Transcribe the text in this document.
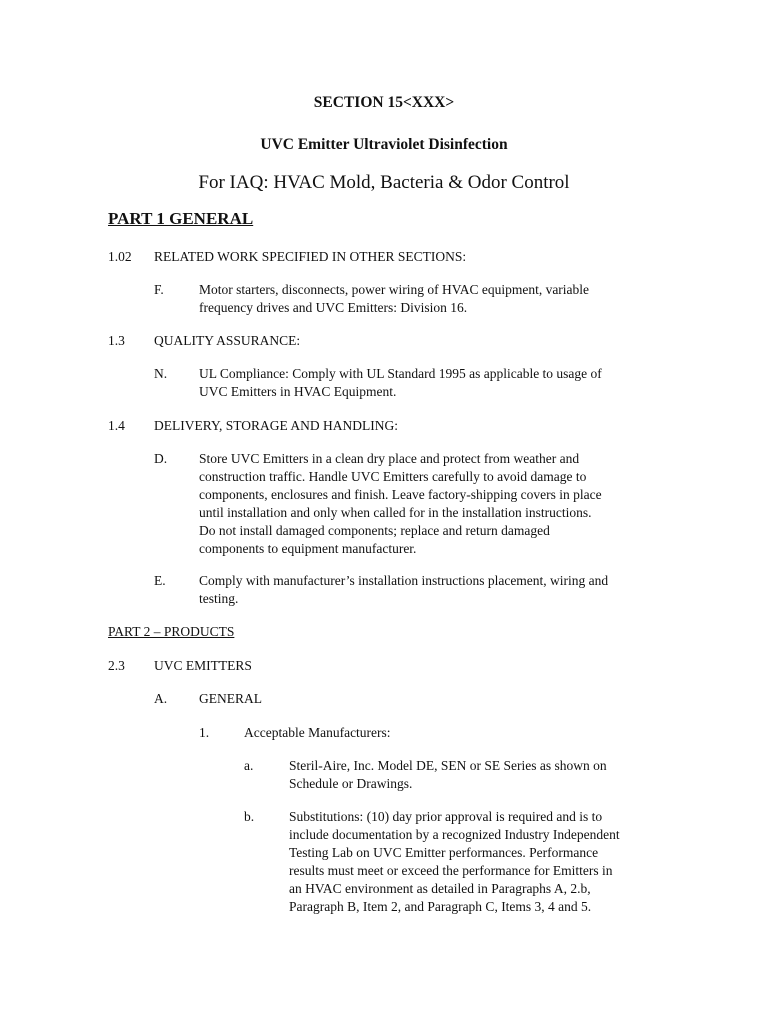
SECTION 15<XXX>
UVC Emitter Ultraviolet Disinfection
For IAQ: HVAC Mold, Bacteria & Odor Control
PART 1 GENERAL
1.02 RELATED WORK SPECIFIED IN OTHER SECTIONS:
F.	Motor starters, disconnects, power wiring of HVAC equipment, variable
frequency drives and UVC Emitters: Division 16.
1.3 QUALITY ASSURANCE:
N. UL Compliance: Comply with UL Standard 1995 as applicable to usage of
UVC Emitters in HVAC Equipment.
1.4 DELIVERY, STORAGE AND HANDLING:
D. Store UVC Emitters in a clean dry place and protect from weather and
construction traffic. Handle UVC Emitters carefully to avoid damage to
components, enclosures and finish. Leave factory-shipping covers in place
until installation and only when called for in the installation instructions.
Do not install damaged components; replace and return damaged
components to equipment manufacturer.
E. Comply with manufacturer’s installation instructions placement, wiring and
testing.
PART 2 – PRODUCTS
2.3 UVC EMITTERS
A. GENERAL
1.	Acceptable Manufacturers:
a.	Steril-Aire, Inc. Model DE, SEN or SE Series as shown on
Schedule or Drawings.
b.	Substitutions: (10) day prior approval is required and is to
include documentation by a recognized Industry Independent
Testing Lab on UVC Emitter performances. Performance
results must meet or exceed the performance for Emitters in
an HVAC environment as detailed in Paragraphs A, 2.b,
Paragraph B, Item 2, and Paragraph C, Items 3, 4 and 5.
